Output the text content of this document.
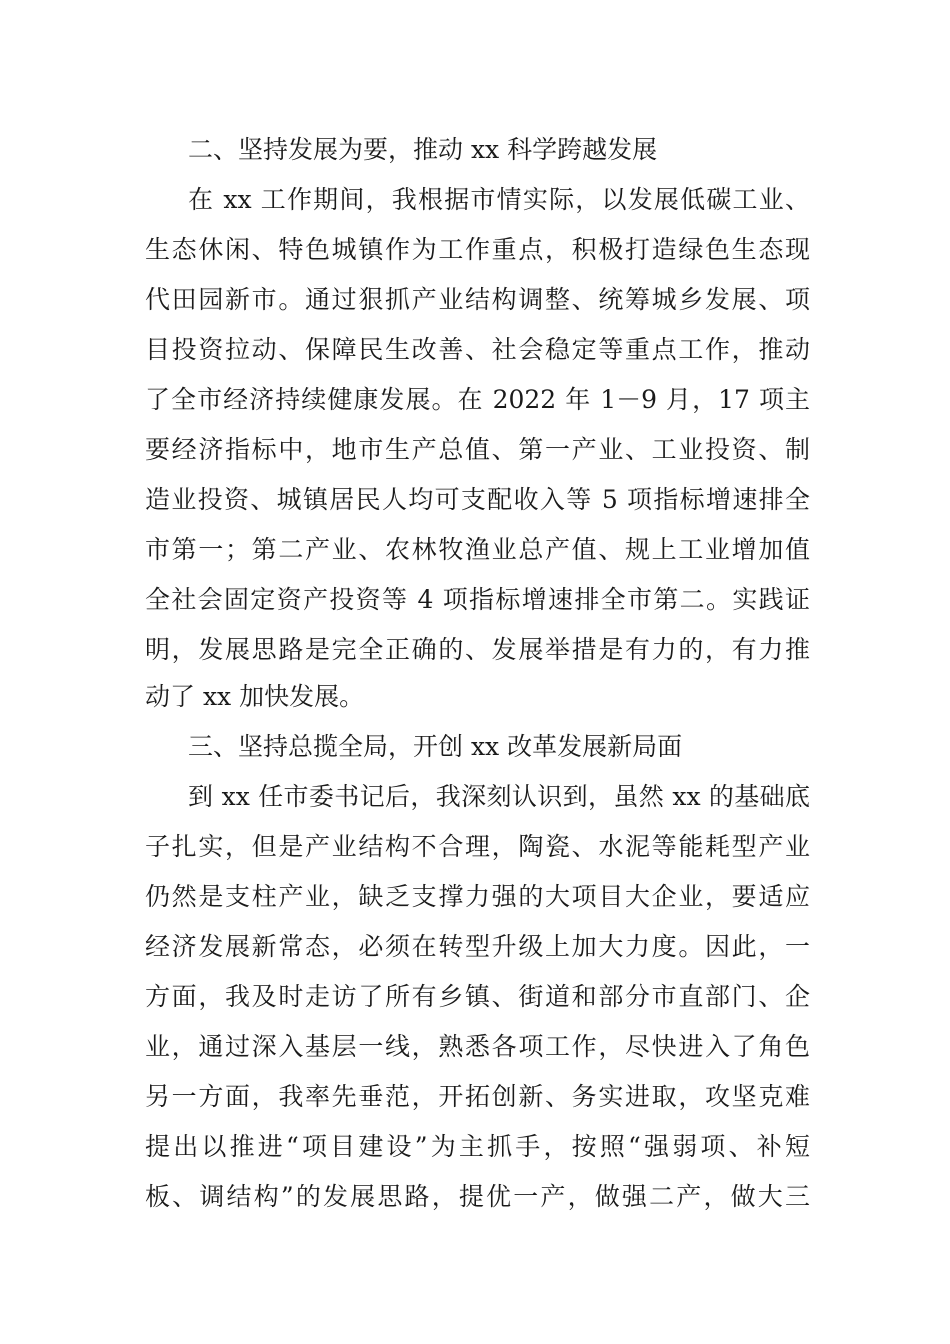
二、坚持发展为要，推动 xx 科学跨越发展
在 xx 工作期间，我根据市情实际，以发展低碳工业、
生态休闲、特色城镇作为工作重点，积极打造绿色生态现
代田园新市。通过狠抓产业结构调整、统筹城乡发展、项
目投资拉动、保障民生改善、社会稳定等重点工作，推动
了全市经济持续健康发展。在 2022 年 1－9 月，17 项主
要经济指标中，地市生产总值、第一产业、工业投资、制
造业投资、城镇居民人均可支配收入等 5 项指标增速排全
市第一；第二产业、农林牧渔业总产值、规上工业增加值
全社会固定资产投资等 4 项指标增速排全市第二。实践证
明，发展思路是完全正确的、发展举措是有力的，有力推
动了 xx 加快发展。
三、坚持总揽全局，开创 xx 改革发展新局面
到 xx 任市委书记后，我深刻认识到，虽然 xx 的基础底
子扎实，但是产业结构不合理，陶瓷、水泥等能耗型产业
仍然是支柱产业，缺乏支撑力强的大项目大企业，要适应
经济发展新常态，必须在转型升级上加大力度。因此，一
方面，我及时走访了所有乡镇、街道和部分市直部门、企
业，通过深入基层一线，熟悉各项工作，尽快进入了角色
另一方面，我率先垂范，开拓创新、务实进取，攻坚克难
提出以推进“项目建设”为主抓手，按照“强弱项、补短
板、调结构”的发展思路，提优一产，做强二产，做大三
